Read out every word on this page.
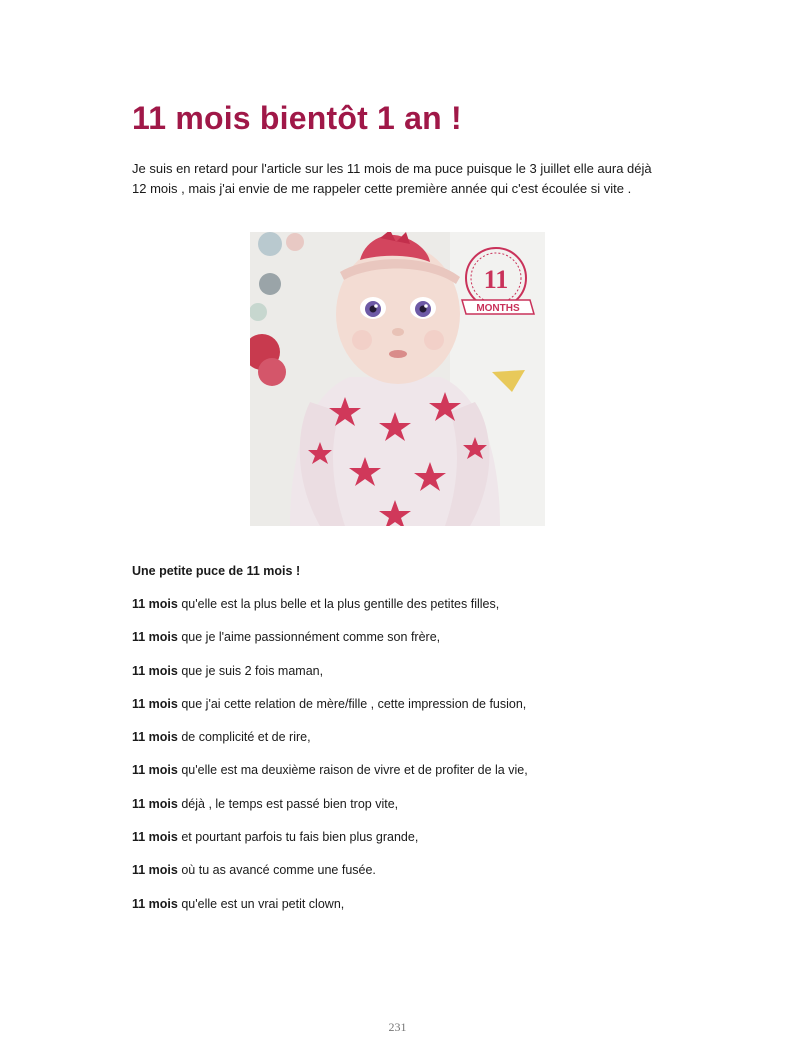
11 mois bientôt 1 an !

Je suis en retard pour l'article sur les 11 mois de ma puce puisque le 3 juillet elle aura déjà 12 mois , mais j'ai envie de me rappeler cette première année qui c'est écoulée si vite .

11
MONTHS

Une petite puce de 11 mois !

11 mois qu'elle est la plus belle et la plus gentille des petites filles,
11 mois que je l'aime passionnément comme son frère,
11 mois que je suis 2 fois maman,
11 mois que j'ai cette relation de mère/fille , cette impression de fusion,
11 mois de complicité et de rire,
11 mois qu'elle est ma deuxième raison de vivre et de profiter de la vie,
11 mois déjà , le temps est passé bien trop vite,
11 mois et pourtant parfois tu fais bien plus grande,
11 mois où tu as avancé comme une fusée.
11 mois qu'elle est un vrai petit clown,
231
